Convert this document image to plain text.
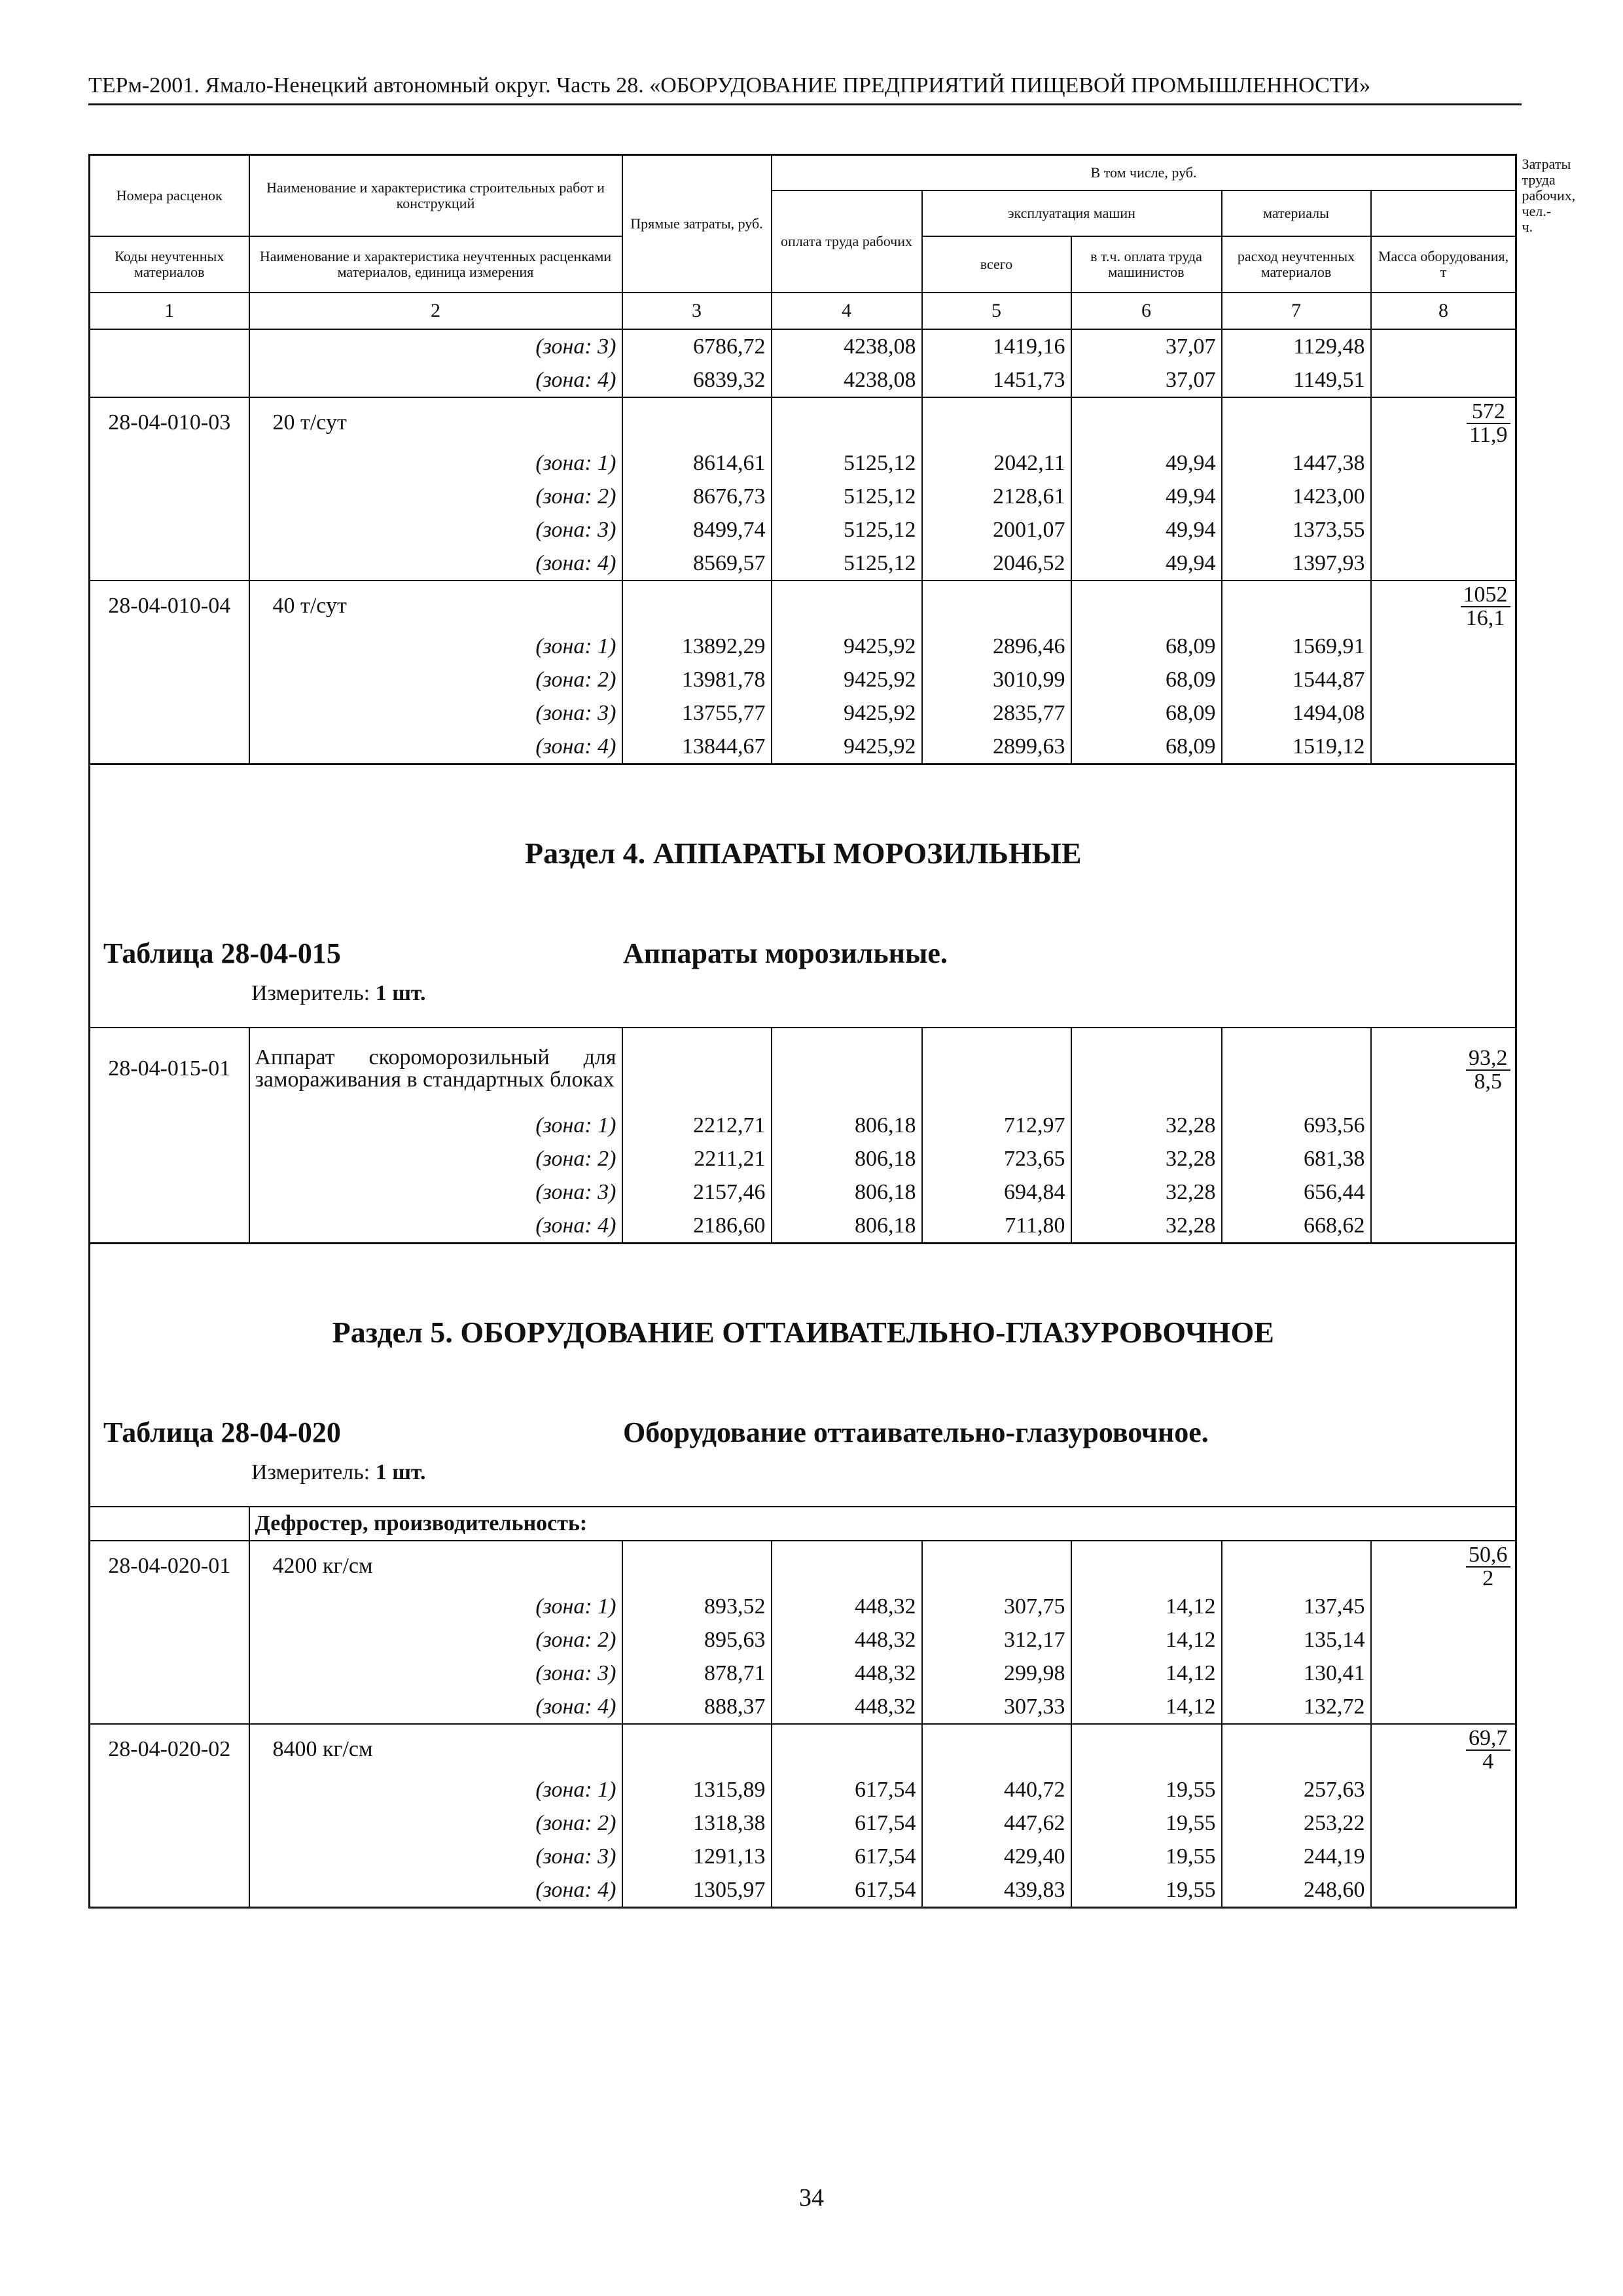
ТЕРм-2001. Ямало-Ненецкий автономный округ. Часть 28. «ОБОРУДОВАНИЕ ПРЕДПРИЯТИЙ ПИЩЕВОЙ ПРОМЫШЛЕННОСТИ»
Номера расценок	Наименование и характеристика строительных работ и конструкций	Прямые затраты, руб.	В том числе, руб.					Затраты труда рабочих, чел.-ч.
			оплата труда рабочих	эксплуатация машин		материалы		
Коды неучтенных материалов	Наименование и характеристика неучтенных расценками материалов, единица измерения			всего	в т.ч. оплата труда машинистов	расход неучтенных материалов	Масса оборудования, т	
1	2	3	4	5	6	7	8	
	(зона: 3)	6786,72	4238,08	1419,16	37,07	1129,48		
	(зона: 4)	6839,32	4238,08	1451,73	37,07	1149,51		
28-04-010-03	20 т/сут						$\frac{572}{11,9}$

	(зона: 1)	8614,61	5125,12	2042,11	49,94	1447,38		
	(зона: 2)	8676,73	5125,12	2128,61	49,94	1423,00		
	(зона: 3)	8499,74	5125,12	2001,07	49,94	1373,55		
	(зона: 4)	8569,57	5125,12	2046,52	49,94	1397,93		
28-04-010-04	40 т/сут						$\frac{1052}{16,1}$

	(зона: 1)	13892,29	9425,92	2896,46	68,09	1569,91		
	(зона: 2)	13981,78	9425,92	3010,99	68,09	1544,87		
	(зона: 3)	13755,77	9425,92	2835,77	68,09	1494,08		
	(зона: 4)	13844,67	9425,92	2899,63	68,09	1519,12		

Раздел 4. АППАРАТЫ МОРОЗИЛЬНЫЕ
Таблица 28-04-015 Аппараты морозильные.
Измеритель: 1 шт.								

28-04-015-01	Аппарат скороморозильный для замораживания в стандартных блоках						$\frac{93,2}{8,5}$

	(зона: 1)	2212,71	806,18	712,97	32,28	693,56		
	(зона: 2)	2211,21	806,18	723,65	32,28	681,38		
	(зона: 3)	2157,46	806,18	694,84	32,28	656,44		
	(зона: 4)	2186,60	806,18	711,80	32,28	668,62		

Раздел 5. ОБОРУДОВАНИЕ ОТТАИВАТЕЛЬНО-ГЛАЗУРОВОЧНОЕ
Таблица 28-04-020 Оборудование оттаивательно-глазуровочное.
Измеритель: 1 шт.								

	Дефростер, производительность:							
28-04-020-01	4200 кг/см						$\frac{50,6}{2}$

	(зона: 1)	893,52	448,32	307,75	14,12	137,45		
	(зона: 2)	895,63	448,32	312,17	14,12	135,14		
	(зона: 3)	878,71	448,32	299,98	14,12	130,41		
	(зона: 4)	888,37	448,32	307,33	14,12	132,72		
28-04-020-02	8400 кг/см						$\frac{69,7}{4}$

	(зона: 1)	1315,89	617,54	440,72	19,55	257,63		
	(зона: 2)	1318,38	617,54	447,62	19,55	253,22		
	(зона: 3)	1291,13	617,54	429,40	19,55	244,19		
	(зона: 4)	1305,97	617,54	439,83	19,55	248,60		
34
